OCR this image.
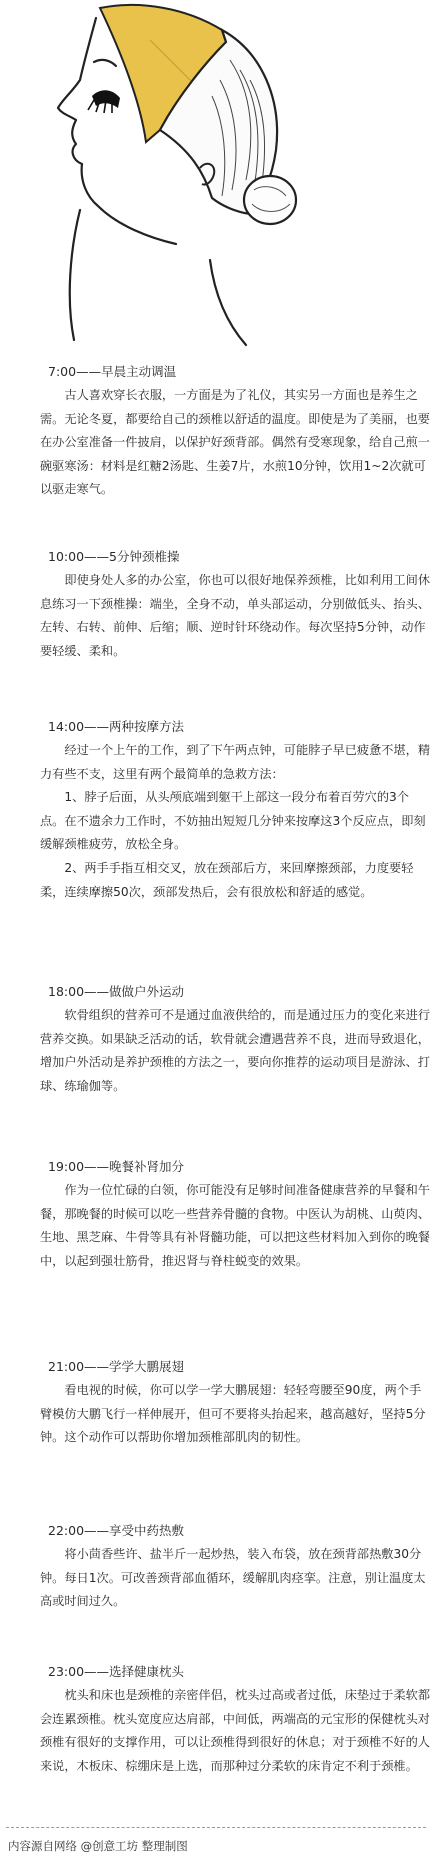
7:00——早晨主动调温

古人喜欢穿长衣服，一方面是为了礼仪，其实另一方面也是养生之需。无论冬夏，都要给自己的颈椎以舒适的温度。即使是为了美丽，也要在办公室准备一件披肩，以保护好颈背部。偶然有受寒现象，给自己煎一碗驱寒汤：材料是红糖2汤匙、生姜7片，水煎10分钟，饮用1~2次就可以驱走寒气。

10:00——5分钟颈椎操

即使身处人多的办公室，你也可以很好地保养颈椎，比如利用工间休息练习一下颈椎操：端坐，全身不动，单头部运动，分别做低头、抬头、左转、右转、前伸、后缩；顺、逆时针环绕动作。每次坚持5分钟，动作要轻缓、柔和。

14:00——两种按摩方法

经过一个上午的工作，到了下午两点钟，可能脖子早已疲惫不堪，精力有些不支，这里有两个最简单的急救方法：

1、脖子后面，从头颅底端到躯干上部这一段分布着百劳穴的3个点。在不遗余力工作时，不妨抽出短短几分钟来按摩这3个反应点，即刻缓解颈椎疲劳，放松全身。

2、两手手指互相交叉，放在颈部后方，来回摩擦颈部，力度要轻柔，连续摩擦50次，颈部发热后，会有很放松和舒适的感觉。

18:00——做做户外运动

软骨组织的营养可不是通过血液供给的，而是通过压力的变化来进行营养交换。如果缺乏活动的话，软骨就会遭遇营养不良，进而导致退化，增加户外活动是养护颈椎的方法之一，要向你推荐的运动项目是游泳、打球、练瑜伽等。

19:00——晚餐补肾加分

作为一位忙碌的白领，你可能没有足够时间准备健康营养的早餐和午餐，那晚餐的时候可以吃一些营养骨髓的食物。中医认为胡桃、山萸肉、生地、黑芝麻、牛骨等具有补肾髓功能，可以把这些材料加入到你的晚餐中，以起到强壮筋骨，推迟肾与脊柱蜕变的效果。

21:00——学学大鹏展翅

看电视的时候，你可以学一学大鹏展翅：轻轻弯腰至90度，两个手臂模仿大鹏飞行一样伸展开，但可不要将头抬起来，越高越好，坚持5分钟。这个动作可以帮助你增加颈椎部肌肉的韧性。

22:00——享受中药热敷

将小茴香些许、盐半斤一起炒热，装入布袋，放在颈背部热敷30分钟。每日1次。可改善颈背部血循环，缓解肌肉痉挛。注意，别让温度太高或时间过久。

23:00——选择健康枕头

枕头和床也是颈椎的亲密伴侣，枕头过高或者过低，床垫过于柔软都会连累颈椎。枕头宽度应达肩部，中间低，两端高的元宝形的保健枕头对颈椎有很好的支撑作用，可以让颈椎得到很好的休息；对于颈椎不好的人来说，木板床、棕绷床是上选，而那种过分柔软的床肯定不利于颈椎。

内容源自网络 @创意工坊 整理制图
